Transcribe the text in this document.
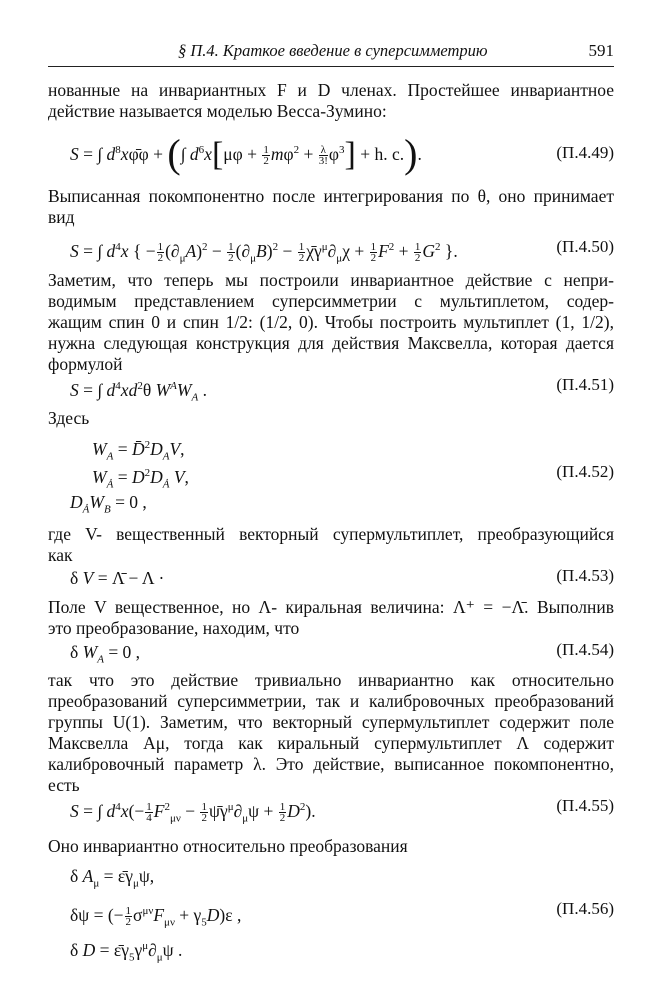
§ П.4. Краткое введение в суперсимметрию	591
нованные на инвариантных F и D членах. Простейшее инвариантное
действие называется моделью Весса-Зумино:
S = ∫ $d^8x\varphī\varphi$ + (∫ $d^6x[\mu\varphi + \frac{1}{2} m\varphi^2 + \frac{\lambda}{3!} \varphi^3] + h$. c.).	(П.4.49)
Выписанная покомпонентно после интегрирования по θ, оно принимает
вид
S = ∫ $d^4x$ { − $\frac{1}{2} (\partial_\mu A)^2 - \frac{1}{2} (\partial_\mu B)^2 - \frac{1}{2}$ $\chī\gamma^\mu\partial_\mu\chi + \frac{1}{2} F^2 + \frac{1}{2} G^2$ }.	(П.4.50)
Заметим, что теперь мы построили инвариантное действие с непри-
водимым представлением суперсимметрии с мультиплетом, содер-
жащим спин 0 и спин 1/2: (1/2, 0). Чтобы построить мультиплет (1, 1/2),
нужна следующая конструкция для действия Максвелла, которая дается
формулой
S = ∫ $d^4xd^2\theta$ $W^AW_A$ .	(П.4.51)
Здесь
$W_A$ = $D̄^2D_AV$,
$W_Ȧ = D^2D_Ȧ$ V,
$D_ȦW_B = 0$ ,
(П.4.52)
где V- вещественный векторный супермультиплет, преобразующийся
как
δ V = Λ̄ − Λ ·	(П.4.53)
Поле V вещественное, но Λ- киральная величина: Λ⁺ = −Λ̄. Выполнив
это преобразование, находим, что
δ $W_A = 0$ ,	(П.4.54)
так что это действие тривиально инвариантно как относительно
преобразований суперсимметрии, так и калибровочных преобразований
группы U(1). Заметим, что векторный супермультиплет содержит поле
Максвелла Aμ, тогда как киральный супермультиплет Λ содержит
калибровочный параметр λ. Это действие, выписанное покомпонентно,
есть
S = ∫ $d^4x(- \frac{1}{4} F^2_{\mu\nu} - \frac{1}{2}$ $\psī\gamma^\mu\partial_\mu\psi + \frac{1}{2} D^2$).	(П.4.55)
Оно инвариантно относительно преобразования
δ $A_\mu$ = $\varepsilon̄\gamma_\mu\psi$,
δψ = (− $\frac{1}{2} \sigma^{\mu\nu}F_{\mu\nu} + \gamma_5D)\varepsilon$ ,
δ $D = \varepsilon̄\gamma_5\gamma^\mu\partial_\mu\psi$ .
(П.4.56)
